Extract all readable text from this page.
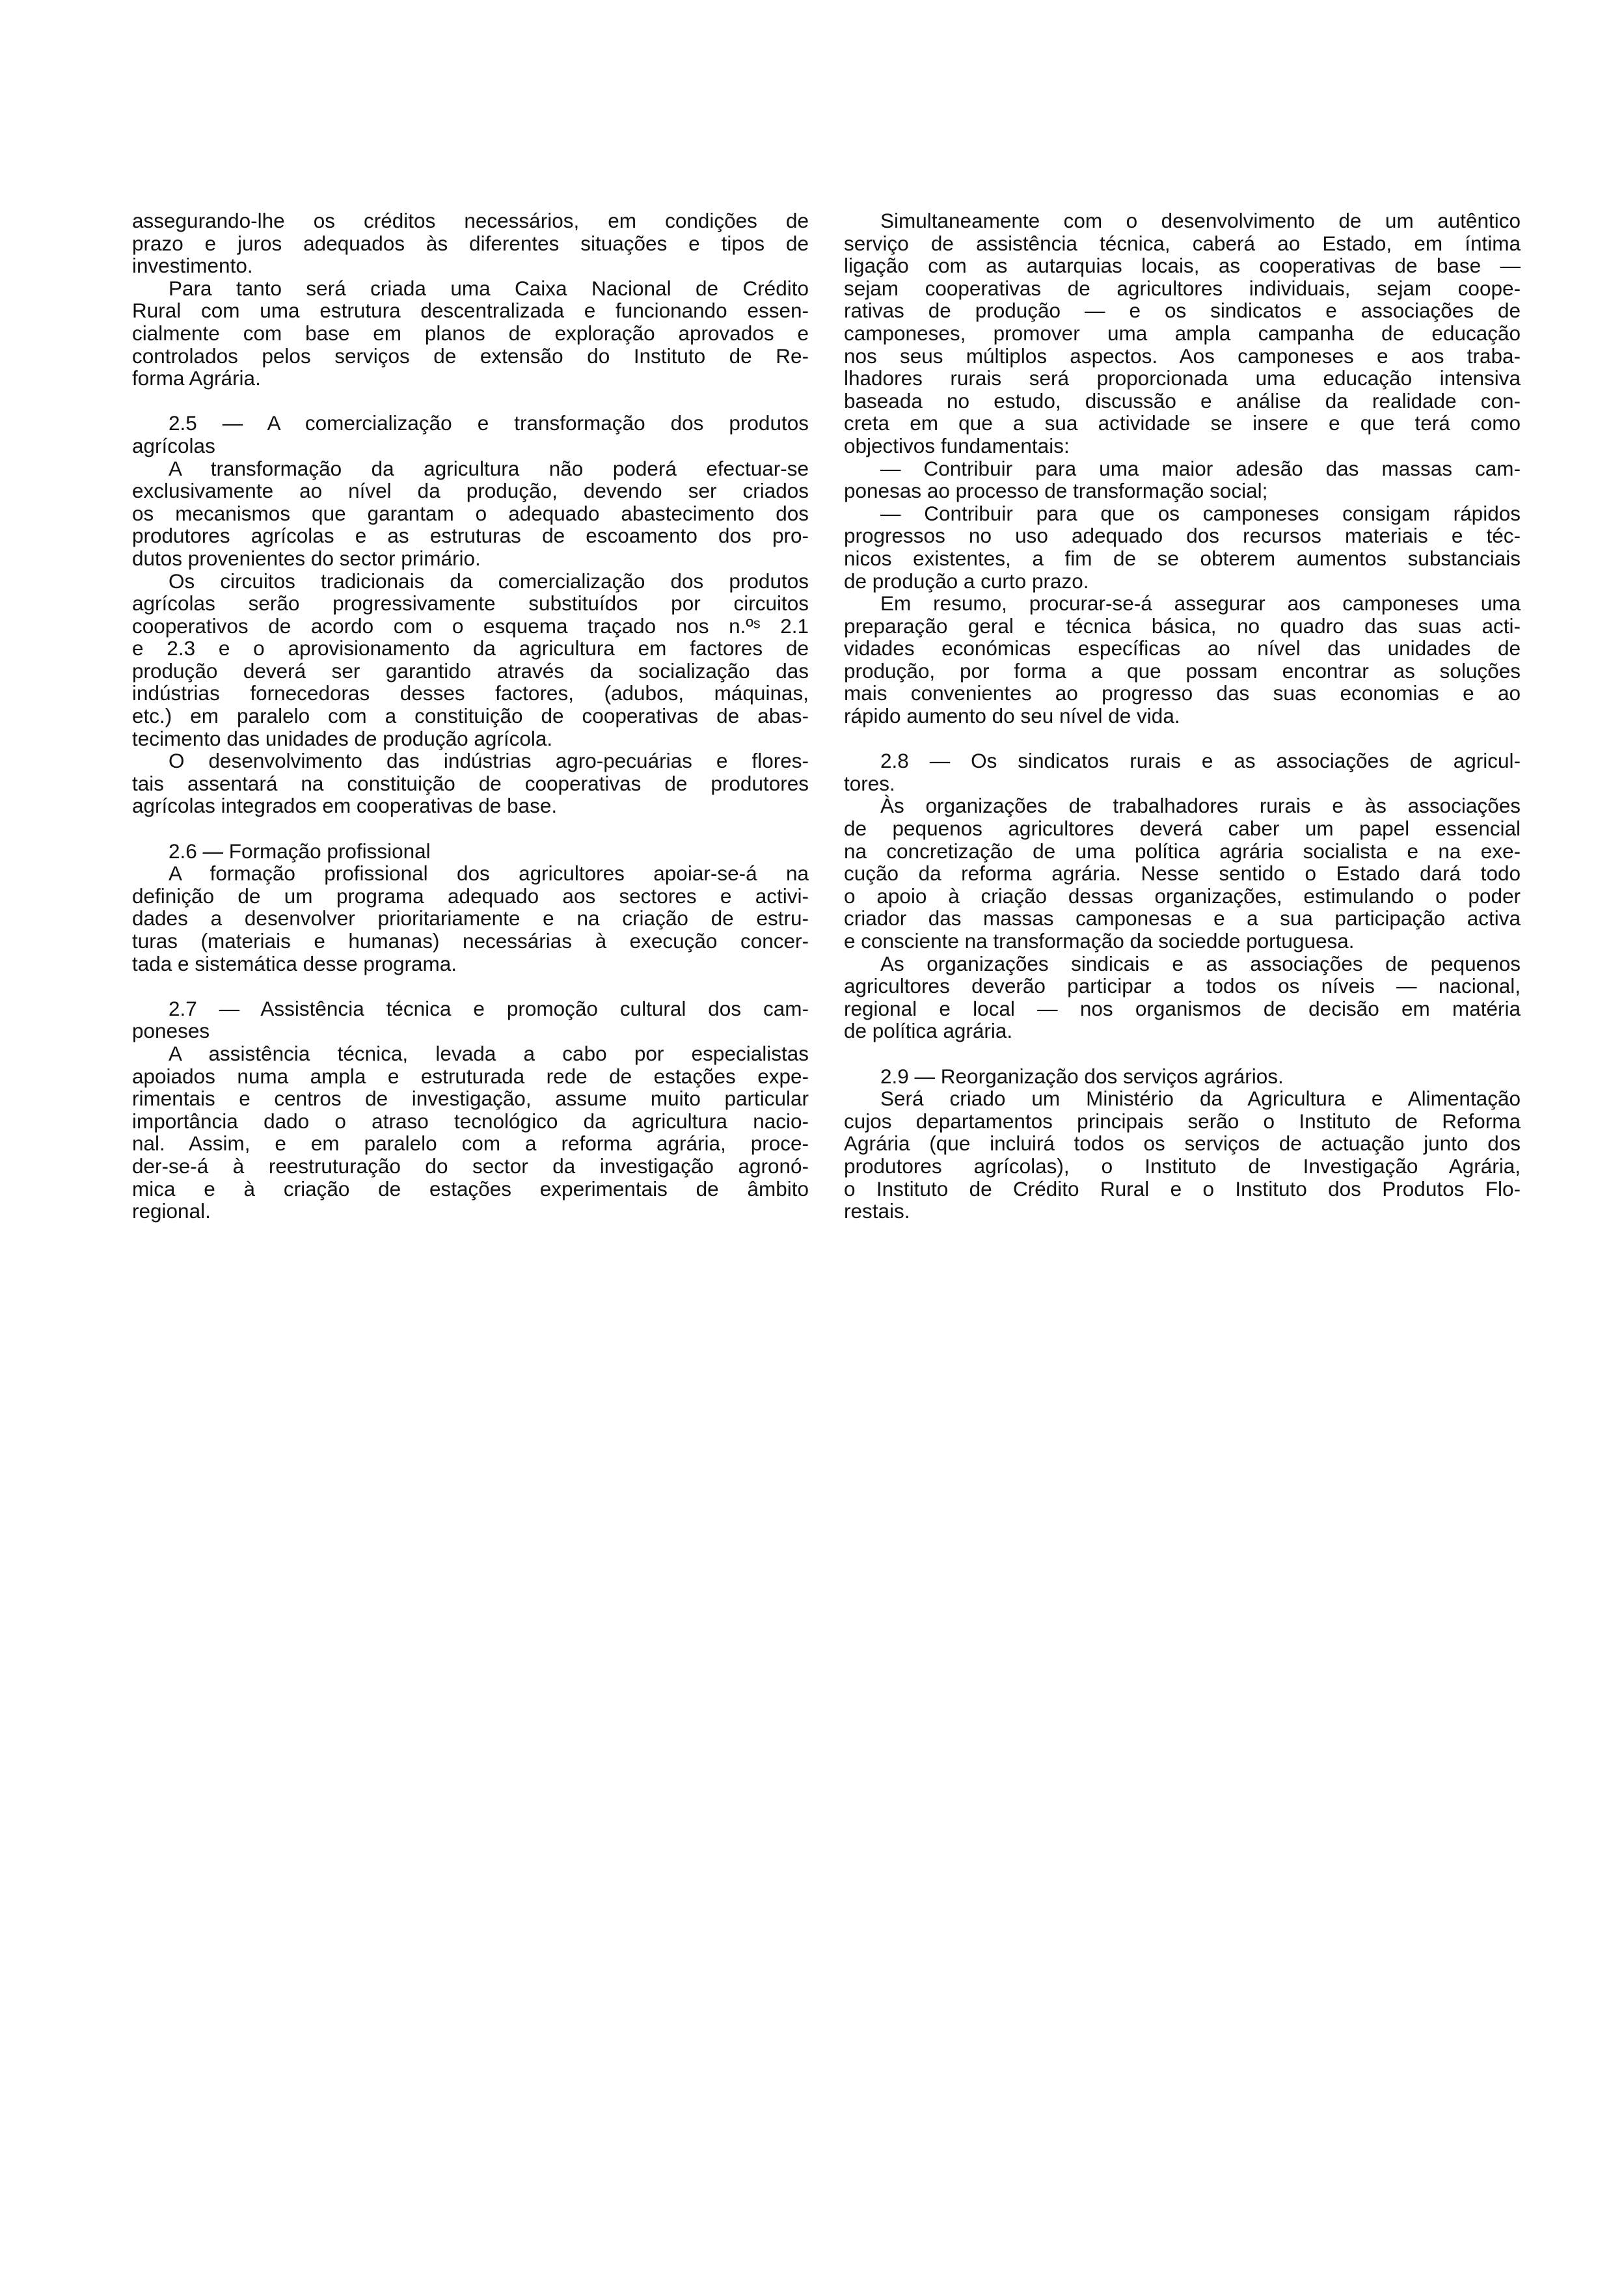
assegurando-lhe os créditos necessários, em condições de
prazo e juros adequados às diferentes situações e tipos de
investimento.
Para tanto será criada uma Caixa Nacional de Crédito
Rural com uma estrutura descentralizada e funcionando essen-
cialmente com base em planos de exploração aprovados e
controlados pelos serviços de extensão do Instituto de Re-
forma Agrária.
2.5 — A comercialização e transformação dos produtos
agrícolas
A transformação da agricultura não poderá efectuar-se
exclusivamente ao nível da produção, devendo ser criados
os mecanismos que garantam o adequado abastecimento dos
produtores agrícolas e as estruturas de escoamento dos pro-
dutos provenientes do sector primário.
Os circuitos tradicionais da comercialização dos produtos
agrícolas serão progressivamente substituídos por circuitos
cooperativos de acordo com o esquema traçado nos n.ºˢ 2.1
e 2.3 e o aprovisionamento da agricultura em factores de
produção deverá ser garantido através da socialização das
indústrias fornecedoras desses factores, (adubos, máquinas,
etc.) em paralelo com a constituição de cooperativas de abas-
tecimento das unidades de produção agrícola.
O desenvolvimento das indústrias agro-pecuárias e flores-
tais assentará na constituição de cooperativas de produtores
agrícolas integrados em cooperativas de base.
2.6 — Formação profissional
A formação profissional dos agricultores apoiar-se-á na
definição de um programa adequado aos sectores e activi-
dades a desenvolver prioritariamente e na criação de estru-
turas (materiais e humanas) necessárias à execução concer-
tada e sistemática desse programa.
2.7 — Assistência técnica e promoção cultural dos cam-
poneses
A assistência técnica, levada a cabo por especialistas
apoiados numa ampla e estruturada rede de estações expe-
rimentais e centros de investigação, assume muito particular
importância dado o atraso tecnológico da agricultura nacio-
nal. Assim, e em paralelo com a reforma agrária, proce-
der-se-á à reestruturação do sector da investigação agronó-
mica e à criação de estações experimentais de âmbito
regional.
Simultaneamente com o desenvolvimento de um autêntico
serviço de assistência técnica, caberá ao Estado, em íntima
ligação com as autarquias locais, as cooperativas de base —
sejam cooperativas de agricultores individuais, sejam coope-
rativas de produção — e os sindicatos e associações de
camponeses, promover uma ampla campanha de educação
nos seus múltiplos aspectos. Aos camponeses e aos traba-
lhadores rurais será proporcionada uma educação intensiva
baseada no estudo, discussão e análise da realidade con-
creta em que a sua actividade se insere e que terá como
objectivos fundamentais:
— Contribuir para uma maior adesão das massas cam-
ponesas ao processo de transformação social;
— Contribuir para que os camponeses consigam rápidos
progressos no uso adequado dos recursos materiais e téc-
nicos existentes, a fim de se obterem aumentos substanciais
de produção a curto prazo.
Em resumo, procurar-se-á assegurar aos camponeses uma
preparação geral e técnica básica, no quadro das suas acti-
vidades económicas específicas ao nível das unidades de
produção, por forma a que possam encontrar as soluções
mais convenientes ao progresso das suas economias e ao
rápido aumento do seu nível de vida.
2.8 — Os sindicatos rurais e as associações de agricul-
tores.
Às organizações de trabalhadores rurais e às associações
de pequenos agricultores deverá caber um papel essencial
na concretização de uma política agrária socialista e na exe-
cução da reforma agrária. Nesse sentido o Estado dará todo
o apoio à criação dessas organizações, estimulando o poder
criador das massas camponesas e a sua participação activa
e consciente na transformação da sociedde portuguesa.
As organizações sindicais e as associações de pequenos
agricultores deverão participar a todos os níveis — nacional,
regional e local — nos organismos de decisão em matéria
de política agrária.
2.9 — Reorganização dos serviços agrários.
Será criado um Ministério da Agricultura e Alimentação
cujos departamentos principais serão o Instituto de Reforma
Agrária (que incluirá todos os serviços de actuação junto dos
produtores agrícolas), o Instituto de Investigação Agrária,
o Instituto de Crédito Rural e o Instituto dos Produtos Flo-
restais.
